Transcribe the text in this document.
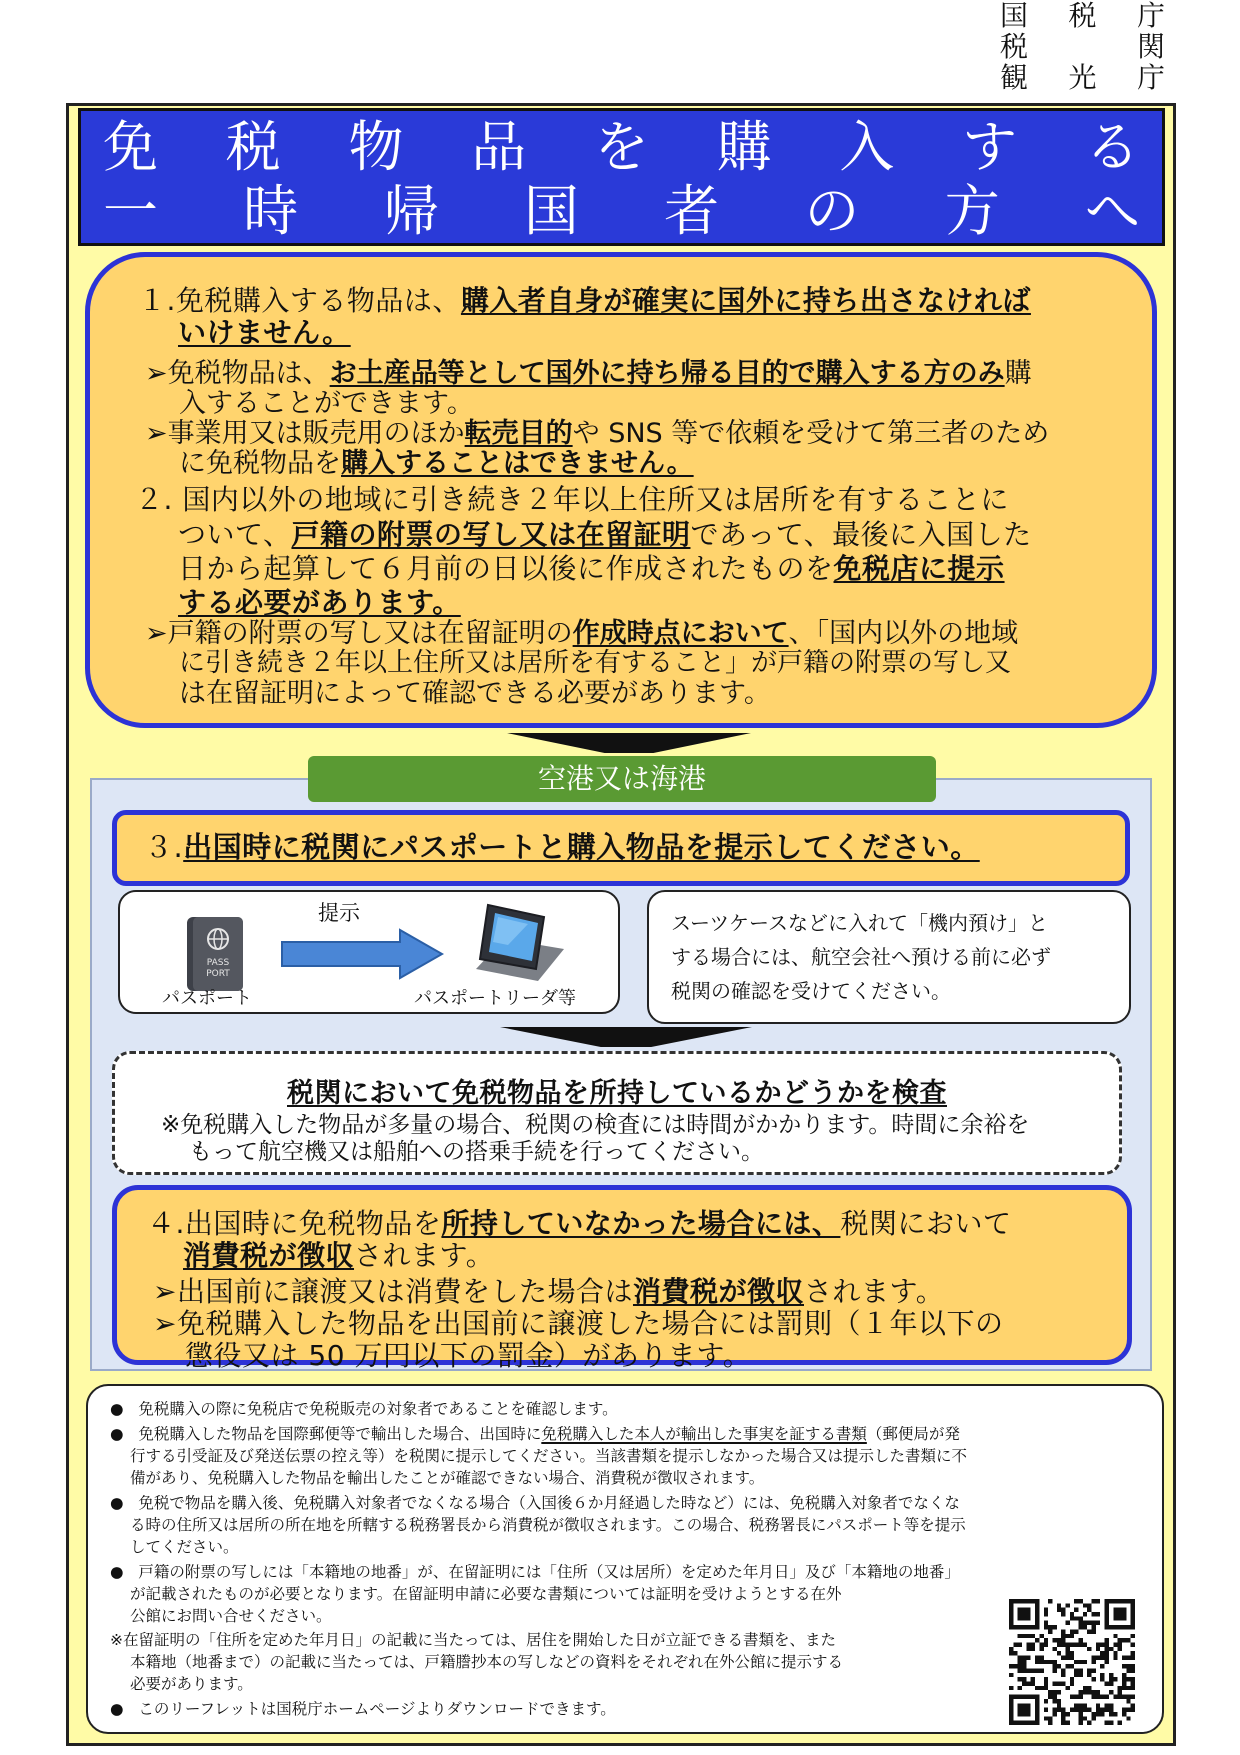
国 税 庁
税	関
観 光 庁
免 税 物 品 を 購 入 す る
一 時 帰 国 者 の 方 へ
１.免税購入する物品は、購入者自身が確実に国外に持ち出さなければ
いけません。
➢免税物品は、お土産品等として国外に持ち帰る目的で購入する方のみ購
入することができます。
➢事業用又は販売用のほか転売目的や SNS 等で依頼を受けて第三者のため
に免税物品を購入することはできません。
２. 国内以外の地域に引き続き２年以上住所又は居所を有することに
ついて、戸籍の附票の写し又は在留証明であって、最後に入国した
日から起算して６月前の日以後に作成されたものを免税店に提示
する必要があります。
➢戸籍の附票の写し又は在留証明の作成時点において、「国内以外の地域
に引き続き２年以上住所又は居所を有すること」が戸籍の附票の写し又
は在留証明によって確認できる必要があります。
空港又は海港
３.出国時に税関にパスポートと購入物品を提示してください。
PASS
PORT
パスポート
提示
パスポートリーダ等
スーツケースなどに入れて「機内預け」と
する場合には、航空会社へ預ける前に必ず
税関の確認を受けてください。
税関において免税物品を所持しているかどうかを検査
※免税購入した物品が多量の場合、税関の検査には時間がかかります。時間に余裕を
もって航空機又は船舶への搭乗手続を行ってください。
４.出国時に免税物品を所持していなかった場合には、税関において
消費税が徴収されます。
➢出国前に譲渡又は消費をした場合は消費税が徴収されます。
➢免税購入した物品を出国前に譲渡した場合には罰則（１年以下の
懲役又は 50 万円以下の罰金）があります。
● 免税購入の際に免税店で免税販売の対象者であることを確認します。
● 免税購入した物品を国際郵便等で輸出した場合、出国時に免税購入した本人が輸出した事実を証する書類（郵便局が発
行する引受証及び発送伝票の控え等）を税関に提示してください。当該書類を提示しなかった場合又は提示した書類に不
備があり、免税購入した物品を輸出したことが確認できない場合、消費税が徴収されます。
● 免税で物品を購入後、免税購入対象者でなくなる場合（入国後６か月経過した時など）には、免税購入対象者でなくな
る時の住所又は居所の所在地を所轄する税務署長から消費税が徴収されます。この場合、税務署長にパスポート等を提示
してください。
● 戸籍の附票の写しには「本籍地の地番」が、在留証明には「住所（又は居所）を定めた年月日」及び「本籍地の地番」
が記載されたものが必要となります。在留証明申請に必要な書類については証明を受けようとする在外
公館にお問い合せください。
※在留証明の「住所を定めた年月日」の記載に当たっては、居住を開始した日が立証できる書類を、また
本籍地（地番まで）の記載に当たっては、戸籍謄抄本の写しなどの資料をそれぞれ在外公館に提示する
必要があります。
● このリーフレットは国税庁ホームページよりダウンロードできます。
